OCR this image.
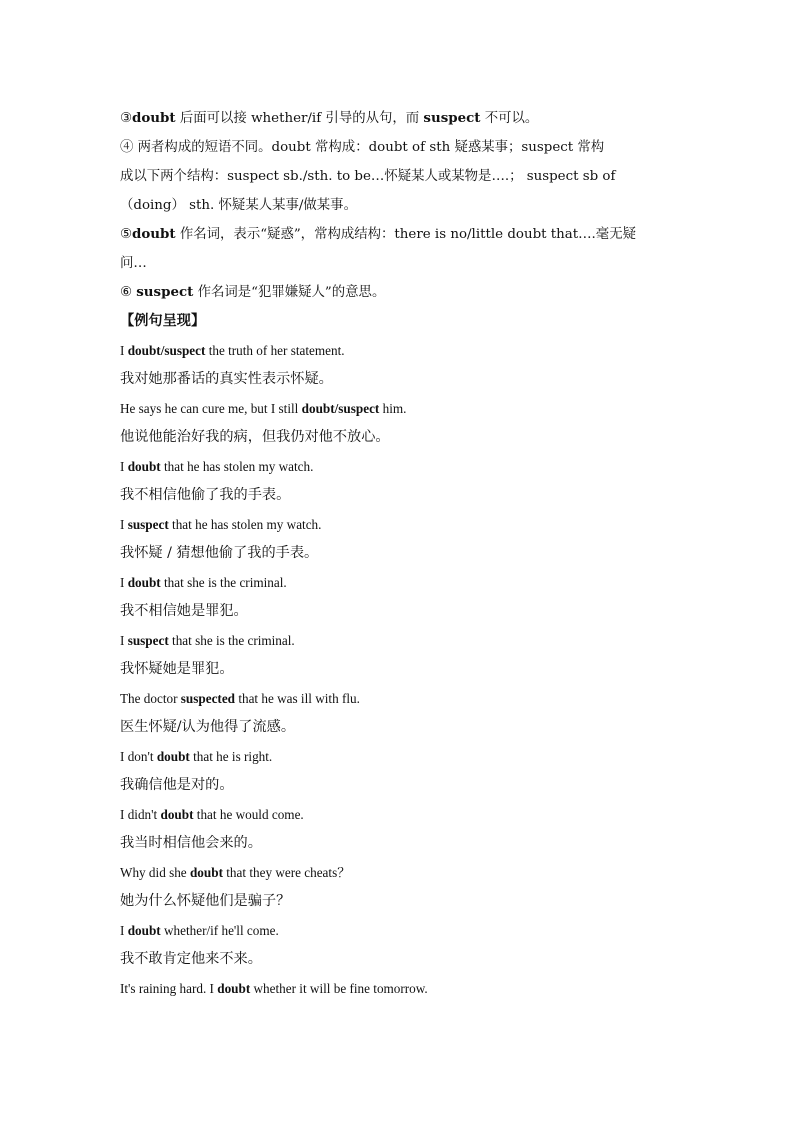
③doubt 后面可以接 whether/if 引导的从句，而 suspect 不可以。
④ 两者构成的短语不同。doubt 常构成：doubt of sth 疑惑某事；suspect 常构
成以下两个结构：suspect sb./sth. to be…怀疑某人或某物是….； suspect sb of
（doing） sth. 怀疑某人某事/做某事。
⑤doubt 作名词，表示“疑惑”，常构成结构：there is no/little doubt that….毫无疑
问…
⑥ suspect 作名词是“犯罪嫌疑人”的意思。
【例句呈现】
I doubt/suspect the truth of her statement.
我对她那番话的真实性表示怀疑。
He says he can cure me, but I still doubt/suspect him.
他说他能治好我的病，但我仍对他不放心。
I doubt that he has stolen my watch.
我不相信他偷了我的手表。
I suspect that he has stolen my watch.
我怀疑 / 猜想他偷了我的手表。
I doubt that she is the criminal.
我不相信她是罪犯。
I suspect that she is the criminal.
我怀疑她是罪犯。
The doctor suspected that he was ill with flu.
医生怀疑/认为他得了流感。
I don't doubt that he is right.
我确信他是对的。
I didn't doubt that he would come.
我当时相信他会来的。
Why did she doubt that they were cheats？
她为什么怀疑他们是骗子？
I doubt whether/if he'll come.
我不敢肯定他来不来。
It's raining hard. I doubt whether it will be fine tomorrow.
